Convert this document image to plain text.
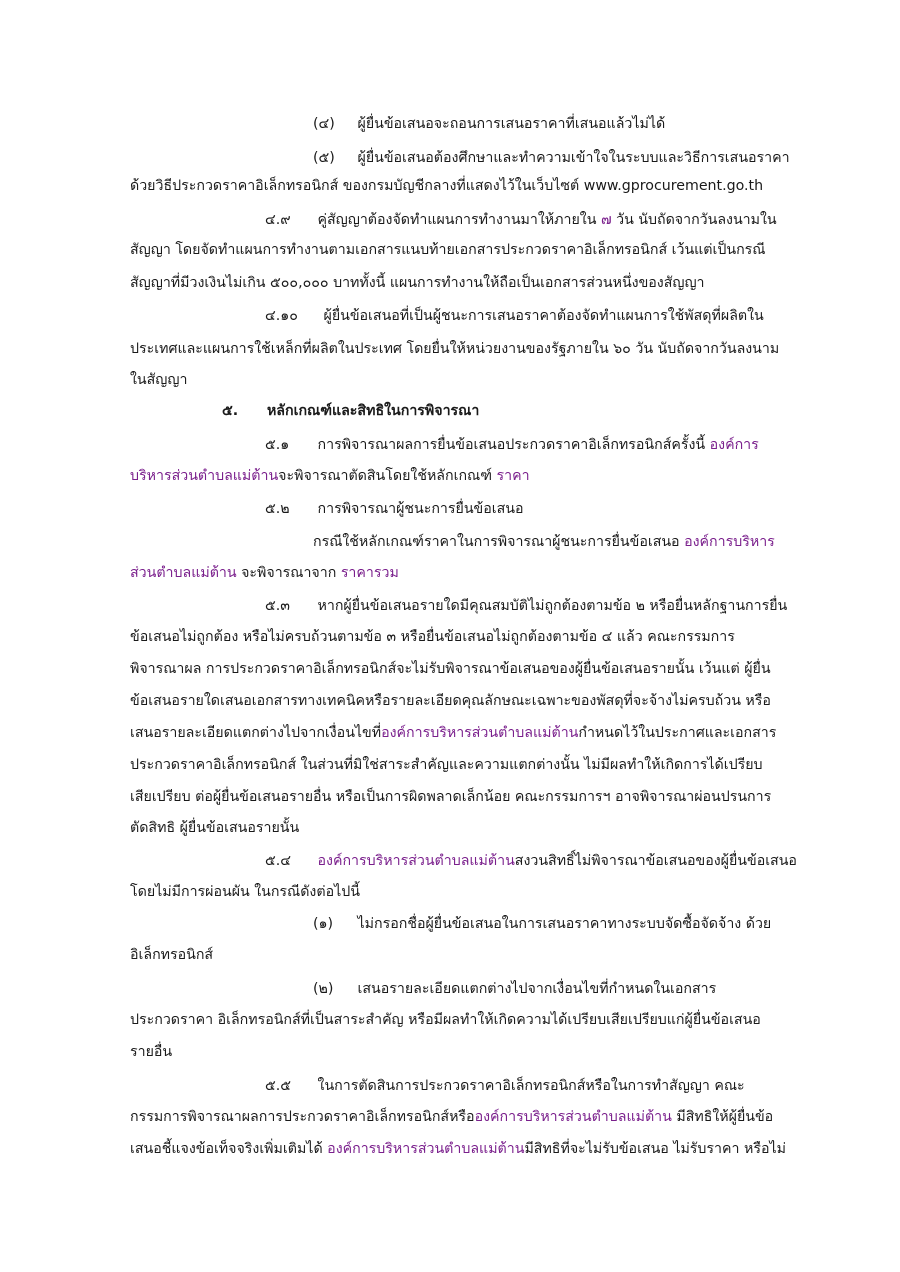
(๔) ผู้ยื่นข้อเสนอจะถอนการเสนอราคาที่เสนอแล้วไม่ได้
(๕) ผู้ยื่นข้อเสนอต้องศึกษาและทำความเข้าใจในระบบและวิธีการเสนอราคา
ด้วยวิธีประกวดราคาอิเล็กทรอนิกส์ ของกรมบัญชีกลางที่แสดงไว้ในเว็บไซต์ www.gprocurement.go.th
๔.๙ คู่สัญญาต้องจัดทำแผนการทำงานมาให้ภายใน ๗ วัน นับถัดจากวันลงนามใน
สัญญา โดยจัดทำแผนการทำงานตามเอกสารแนบท้ายเอกสารประกวดราคาอิเล็กทรอนิกส์ เว้นแต่เป็นกรณี
สัญญาที่มีวงเงินไม่เกิน ๕๐๐,๐๐๐ บาททั้งนี้ แผนการทำงานให้ถือเป็นเอกสารส่วนหนึ่งของสัญญา
๔.๑๐ ผู้ยื่นข้อเสนอที่เป็นผู้ชนะการเสนอราคาต้องจัดทำแผนการใช้พัสดุที่ผลิตใน
ประเทศและแผนการใช้เหล็กที่ผลิตในประเทศ โดยยื่นให้หน่วยงานของรัฐภายใน ๖๐ วัน นับถัดจากวันลงนาม
ในสัญญา
๕. หลักเกณฑ์และสิทธิในการพิจารณา
๕.๑ การพิจารณาผลการยื่นข้อเสนอประกวดราคาอิเล็กทรอนิกส์ครั้งนี้ องค์การ
บริหารส่วนตำบลแม่ต้านจะพิจารณาตัดสินโดยใช้หลักเกณฑ์ ราคา
๕.๒ การพิจารณาผู้ชนะการยื่นข้อเสนอ
กรณีใช้หลักเกณฑ์ราคาในการพิจารณาผู้ชนะการยื่นข้อเสนอ องค์การบริหาร
ส่วนตำบลแม่ต้าน จะพิจารณาจาก ราคารวม
๕.๓ หากผู้ยื่นข้อเสนอรายใดมีคุณสมบัติไม่ถูกต้องตามข้อ ๒ หรือยื่นหลักฐานการยื่น
ข้อเสนอไม่ถูกต้อง หรือไม่ครบถ้วนตามข้อ ๓ หรือยื่นข้อเสนอไม่ถูกต้องตามข้อ ๔ แล้ว คณะกรรมการ
พิจารณาผล การประกวดราคาอิเล็กทรอนิกส์จะไม่รับพิจารณาข้อเสนอของผู้ยื่นข้อเสนอรายนั้น เว้นแต่ ผู้ยื่น
ข้อเสนอรายใดเสนอเอกสารทางเทคนิคหรือรายละเอียดคุณลักษณะเฉพาะของพัสดุที่จะจ้างไม่ครบถ้วน หรือ
เสนอรายละเอียดแตกต่างไปจากเงื่อนไขที่องค์การบริหารส่วนตำบลแม่ต้านกำหนดไว้ในประกาศและเอกสาร
ประกวดราคาอิเล็กทรอนิกส์ ในส่วนที่มิใช่สาระสำคัญและความแตกต่างนั้น ไม่มีผลทำให้เกิดการได้เปรียบ
เสียเปรียบ ต่อผู้ยื่นข้อเสนอรายอื่น หรือเป็นการผิดพลาดเล็กน้อย คณะกรรมการฯ อาจพิจารณาผ่อนปรนการ
ตัดสิทธิ ผู้ยื่นข้อเสนอรายนั้น
๕.๔ องค์การบริหารส่วนตำบลแม่ต้านสงวนสิทธิ์ไม่พิจารณาข้อเสนอของผู้ยื่นข้อเสนอ
โดยไม่มีการผ่อนผัน ในกรณีดังต่อไปนี้
(๑) ไม่กรอกชื่อผู้ยื่นข้อเสนอในการเสนอราคาทางระบบจัดซื้อจัดจ้าง ด้วย
อิเล็กทรอนิกส์
(๒) เสนอรายละเอียดแตกต่างไปจากเงื่อนไขที่กำหนดในเอกสาร
ประกวดราคา อิเล็กทรอนิกส์ที่เป็นสาระสำคัญ หรือมีผลทำให้เกิดความได้เปรียบเสียเปรียบแก่ผู้ยื่นข้อเสนอ
รายอื่น
๕.๕ ในการตัดสินการประกวดราคาอิเล็กทรอนิกส์หรือในการทำสัญญา คณะ
กรรมการพิจารณาผลการประกวดราคาอิเล็กทรอนิกส์หรือองค์การบริหารส่วนตำบลแม่ต้าน มีสิทธิให้ผู้ยื่นข้อ
เสนอชี้แจงข้อเท็จจริงเพิ่มเติมได้ องค์การบริหารส่วนตำบลแม่ต้านมีสิทธิที่จะไม่รับข้อเสนอ ไม่รับราคา หรือไม่
